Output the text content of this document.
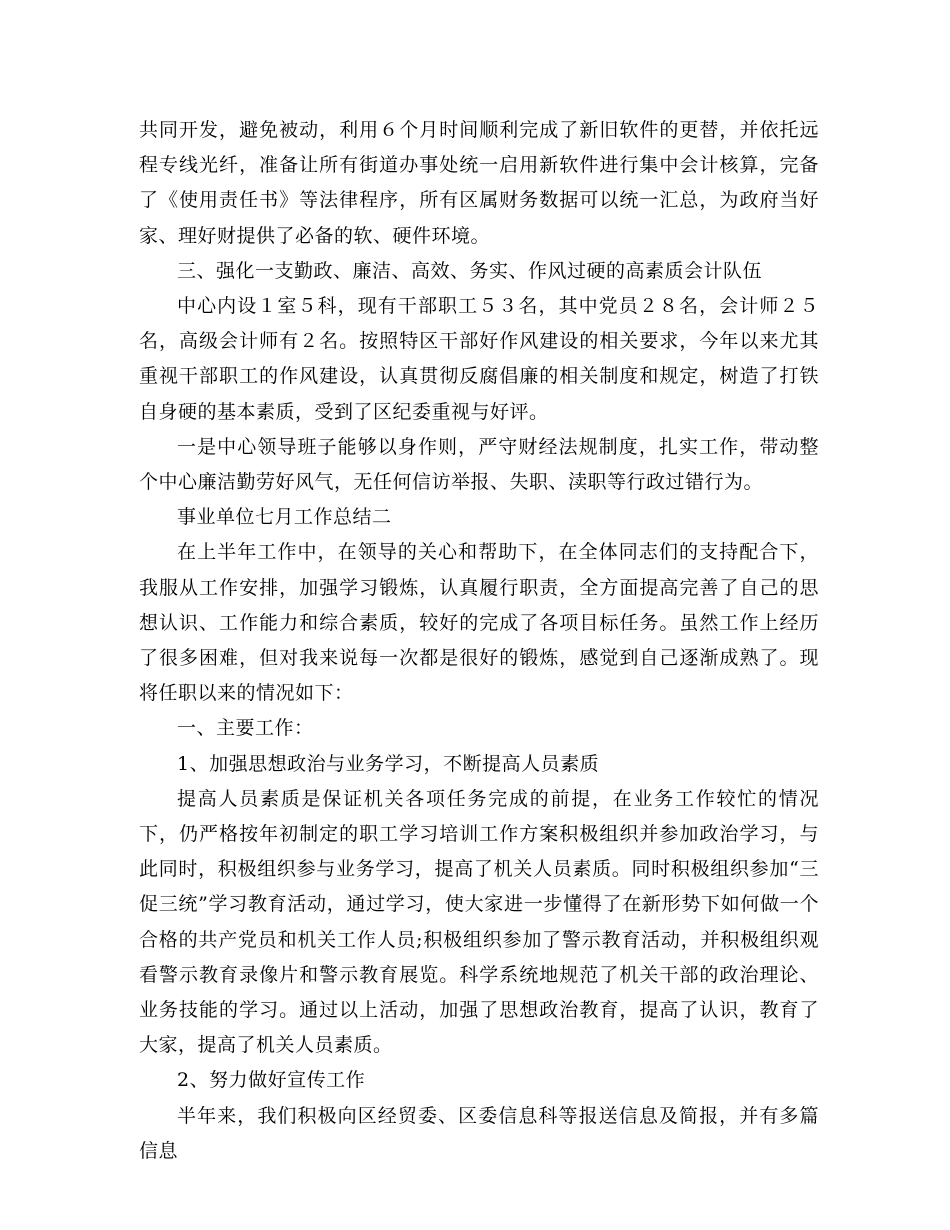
共同开发，避免被动，利用６个月时间顺利完成了新旧软件的更替，并依托远程专线光纤，准备让所有街道办事处统一启用新软件进行集中会计核算，完备了《使用责任书》等法律程序，所有区属财务数据可以统一汇总，为政府当好家、理好财提供了必备的软、硬件环境。

三、强化一支勤政、廉洁、高效、务实、作风过硬的高素质会计队伍

中心内设１室５科，现有干部职工５３名，其中党员２８名，会计师２５名，高级会计师有２名。按照特区干部好作风建设的相关要求，今年以来尤其重视干部职工的作风建设，认真贯彻反腐倡廉的相关制度和规定，树造了打铁自身硬的基本素质，受到了区纪委重视与好评。

一是中心领导班子能够以身作则，严守财经法规制度，扎实工作，带动整个中心廉洁勤劳好风气，无任何信访举报、失职、渎职等行政过错行为。

事业单位七月工作总结二

在上半年工作中，在领导的关心和帮助下，在全体同志们的支持配合下，我服从工作安排，加强学习锻炼，认真履行职责，全方面提高完善了自己的思想认识、工作能力和综合素质，较好的完成了各项目标任务。虽然工作上经历了很多困难，但对我来说每一次都是很好的锻炼，感觉到自己逐渐成熟了。现将任职以来的情况如下：

一、主要工作：

1、加强思想政治与业务学习，不断提高人员素质

提高人员素质是保证机关各项任务完成的前提，在业务工作较忙的情况下，仍严格按年初制定的职工学习培训工作方案积极组织并参加政治学习，与此同时，积极组织参与业务学习，提高了机关人员素质。同时积极组织参加“三促三统”学习教育活动，通过学习，使大家进一步懂得了在新形势下如何做一个合格的共产党员和机关工作人员;积极组织参加了警示教育活动，并积极组织观看警示教育录像片和警示教育展览。科学系统地规范了机关干部的政治理论、业务技能的学习。通过以上活动，加强了思想政治教育，提高了认识，教育了大家，提高了机关人员素质。

2、努力做好宣传工作

半年来，我们积极向区经贸委、区委信息科等报送信息及简报，并有多篇信息
